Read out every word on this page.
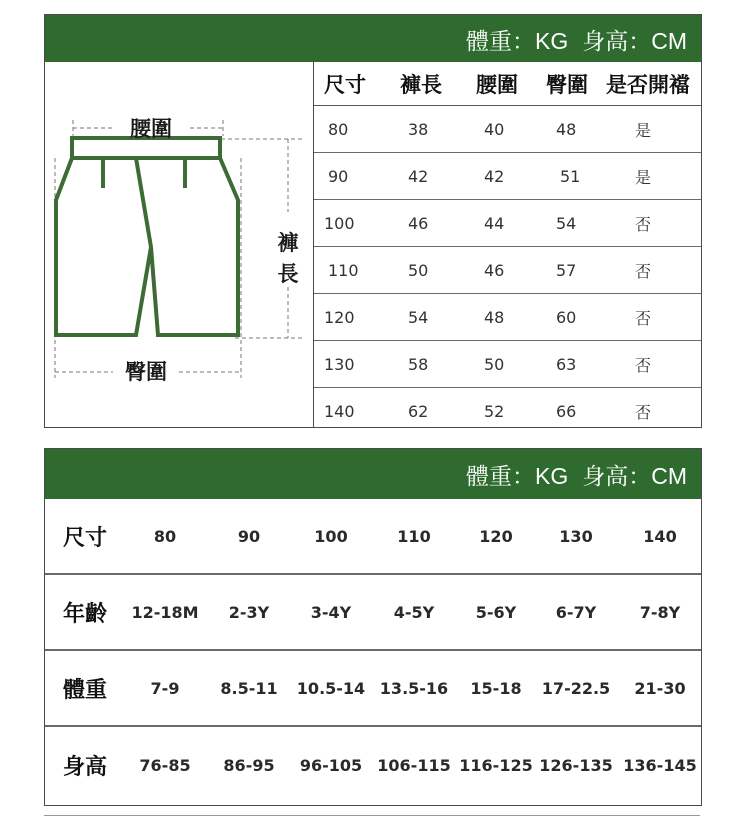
體重：KG 身高：CM
腰圍
褲
長
臀圍
尺寸 褲長 腰圍 臀圍 是否開襠
80	38	40	48	是
90	42	42	51	是
100	46	44	54	否
110	50	46	57	否
120	54	48	60	否
130	58	50	63	否
140	62	52	66	否
體重：KG 身高：CM
尺寸	80	90	100	110	120	130	140
年齡	12-18M	2-3Y	3-4Y	4-5Y	5-6Y	6-7Y	7-8Y
體重	7-9	8.5-11	10.5-14 13.5-16	15-18	17-22.5	21-30
身高	76-85	86-95	96-105 106-115 116-125 126-135 136-145
